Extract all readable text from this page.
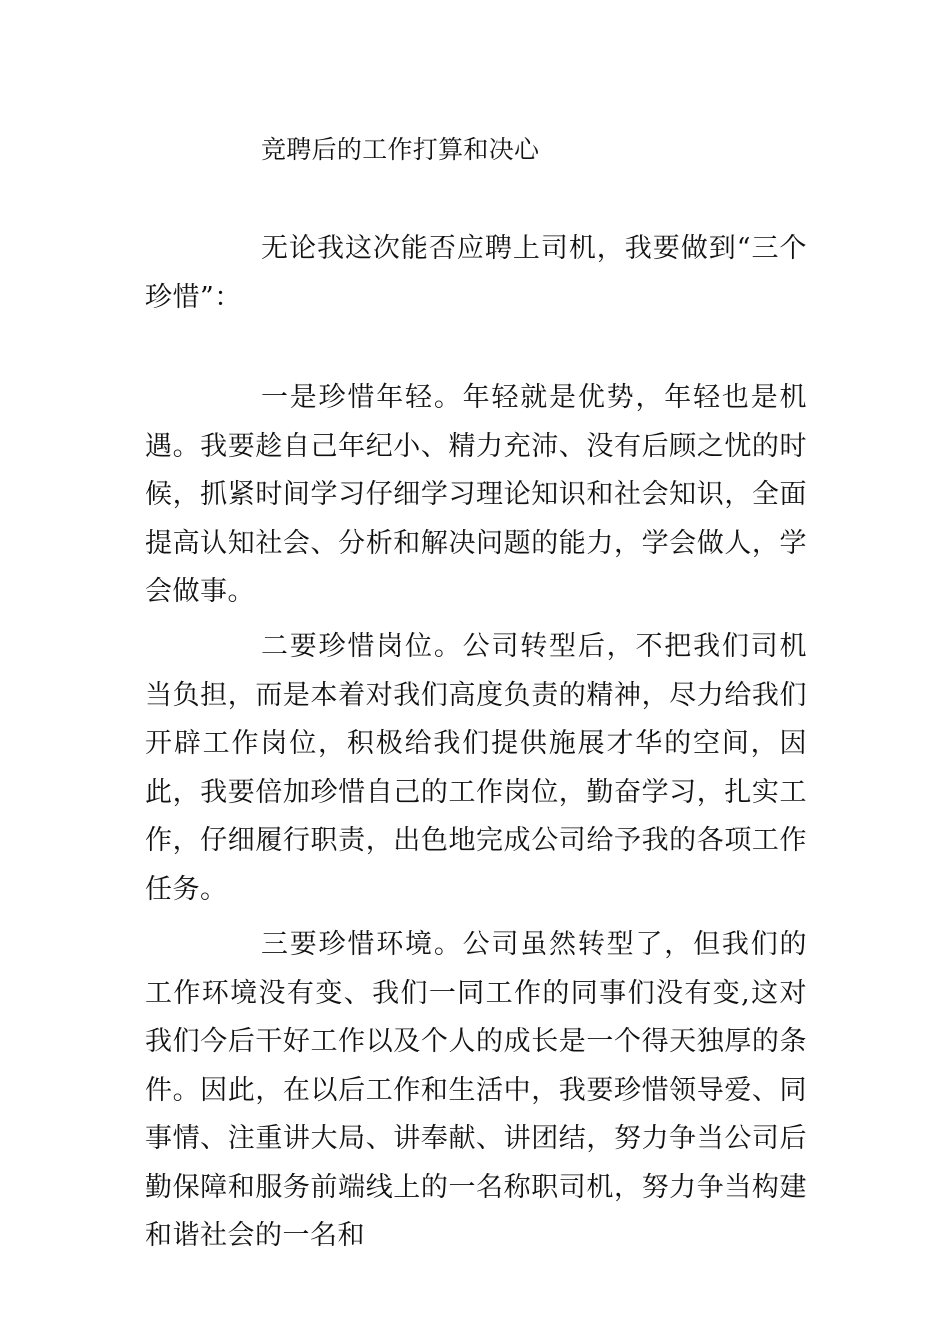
竞聘后的工作打算和决心

无论我这次能否应聘上司机，我要做到“三个珍惜”：

一是珍惜年轻。年轻就是优势，年轻也是机遇。我要趁自己年纪小、精力充沛、没有后顾之忧的时候，抓紧时间学习仔细学习理论知识和社会知识，全面提高认知社会、分析和解决问题的能力，学会做人，学会做事。

二要珍惜岗位。公司转型后，不把我们司机当负担，而是本着对我们高度负责的精神，尽力给我们开辟工作岗位，积极给我们提供施展才华的空间，因此，我要倍加珍惜自己的工作岗位，勤奋学习，扎实工作，仔细履行职责，出色地完成公司给予我的各项工作任务。

三要珍惜环境。公司虽然转型了，但我们的工作环境没有变、我们一同工作的同事们没有变,这对我们今后干好工作以及个人的成长是一个得天独厚的条件。因此，在以后工作和生活中，我要珍惜领导爱、同事情、注重讲大局、讲奉献、讲团结，努力争当公司后勤保障和服务前端线上的一名称职司机，努力争当构建和谐社会的一名和
